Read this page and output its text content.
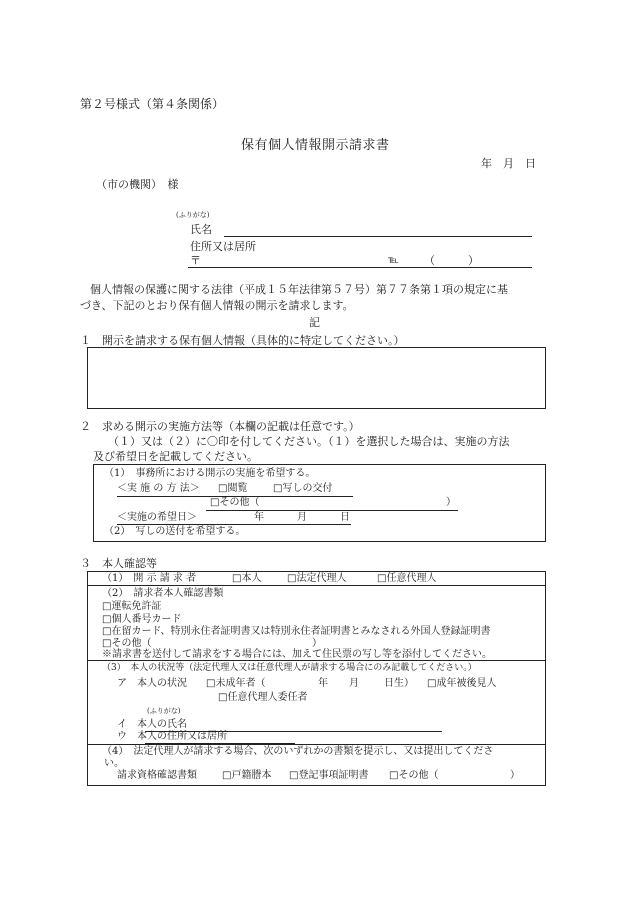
第２号様式（第４条関係）
保有個人情報開示請求書
年　月　日
（市の機関）　様
(ふりがな)
氏名
住所又は居所
〒	℡ （　　　）
個人情報の保護に関する法律（平成１５年法律第５７号）第７７条第１項の規定に基
づき、下記のとおり保有個人情報の開示を請求します。
記
１　開示を請求する保有個人情報（具体的に特定してください。）
２　求める開示の実施方法等（本欄の記載は任意です。）
（１）又は（２）に〇印を付してください。（１）を選択した場合は、実施の方法
及び希望日を記載してください。
（1）　事務所における開示の実施を希望する。
＜実 施 の 方 法＞ □閲覧	□写しの交付
□その他（	）
＜実施の希望日＞	年	月	日
（2）　写しの送付を希望する。
３　本人確認等
（1）　開 示 請 求 者	□本人	□法定代理人	□任意代理人
（2）　請求者本人確認書類
□運転免許証
□個人番号カード
□在留カード、特別永住者証明書又は特別永住者証明書とみなされる外国人登録証明書
□その他（	）
※請求書を送付して請求をする場合には、加えて住民票の写し等を添付してください。
（3）　本人の状況等（法定代理人又は任意代理人が請求する場合にのみ記載してください。）
ア　本人の状況 □未成年者（	年 月	日生） □成年被後見人
□任意代理人委任者
(ふりがな)
イ　本人の氏名
ウ　本人の住所又は居所
（4）　法定代理人が請求する場合、次のいずれかの書類を提示し、又は提出してくださ
い。
請求資格確認書類	□戸籍謄本 □登記事項証明書 □その他（	）
